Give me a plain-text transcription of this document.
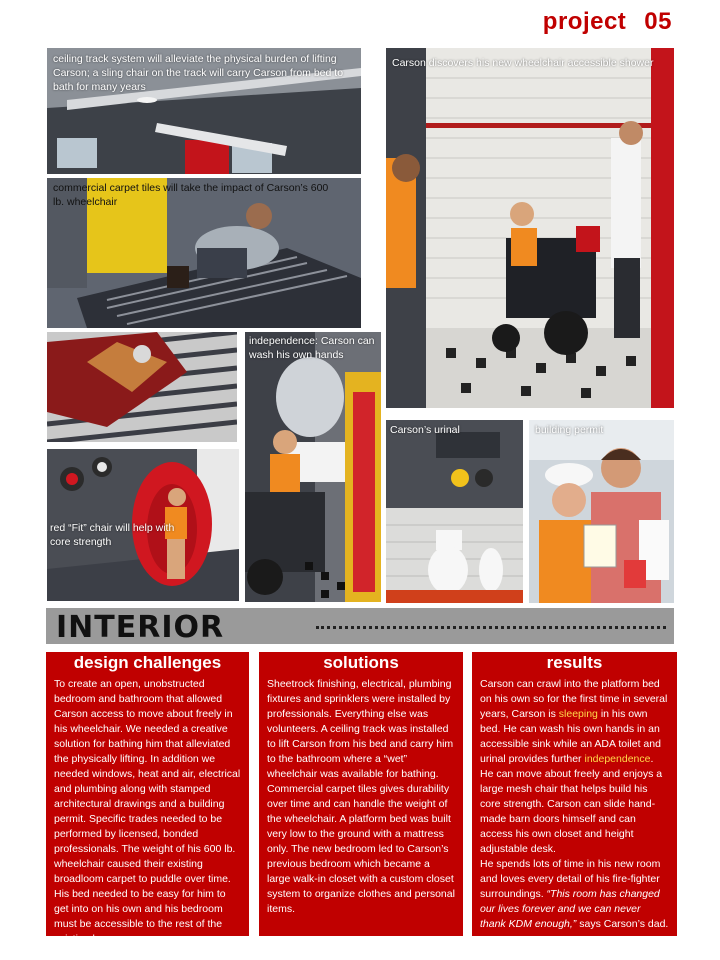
project 05
ceiling track system will alleviate the physical burden of lifting Carson; a sling chair on the track will carry Carson from bed to bath for many years
commercial carpet tiles will take the impact of Carson’s 600 lb. wheelchair
red “Fit” chair will help with core strength
independence: Carson can wash his own hands
Carson discovers his new wheelchair accessible shower
Carson’s urinal	building permit
INTERIOR
design challenges

To create an open, unobstructed bedroom and bathroom that allowed Carson access to move about freely in his wheelchair. We needed a creative solution for bathing him that alleviated the physically lifting. In addition we needed windows, heat and air, electrical and plumbing along with stamped architectural drawings and a building permit. Specific trades needed to be performed by licensed, bonded professionals. The weight of his 600 lb. wheelchair caused their existing broadloom carpet to puddle over time. His bed needed to be easy for him to get into on his own and his bedroom must be accessible to the rest of the existing home.

solutions

Sheetrock finishing, electrical, plumbing fixtures and sprinklers were installed by professionals. Everything else was volunteers. A ceiling track was installed to lift Carson from his bed and carry him to the bathroom where a “wet” wheelchair was available for bathing. Commercial carpet tiles gives durability over time and can handle the weight of the wheelchair. A platform bed was built very low to the ground with a mattress only. The new bedroom led to Carson’s previous bedroom which became a large walk-in closet with a custom closet system to organize clothes and personal items.

results

Carson can crawl into the platform bed on his own so for the first time in several years, Carson is sleeping in his own bed. He can wash his own hands in an accessible sink while an ADA toilet and urinal provides further independence. He can move about freely and enjoys a large mesh chair that helps build his core strength. Carson can slide hand-made barn doors himself and can access his own closet and height adjustable desk.

He spends lots of time in his new room and loves every detail of his fire-fighter surroundings. “This room has changed our lives forever and we can never thank KDM enough,” says Carson’s dad.
